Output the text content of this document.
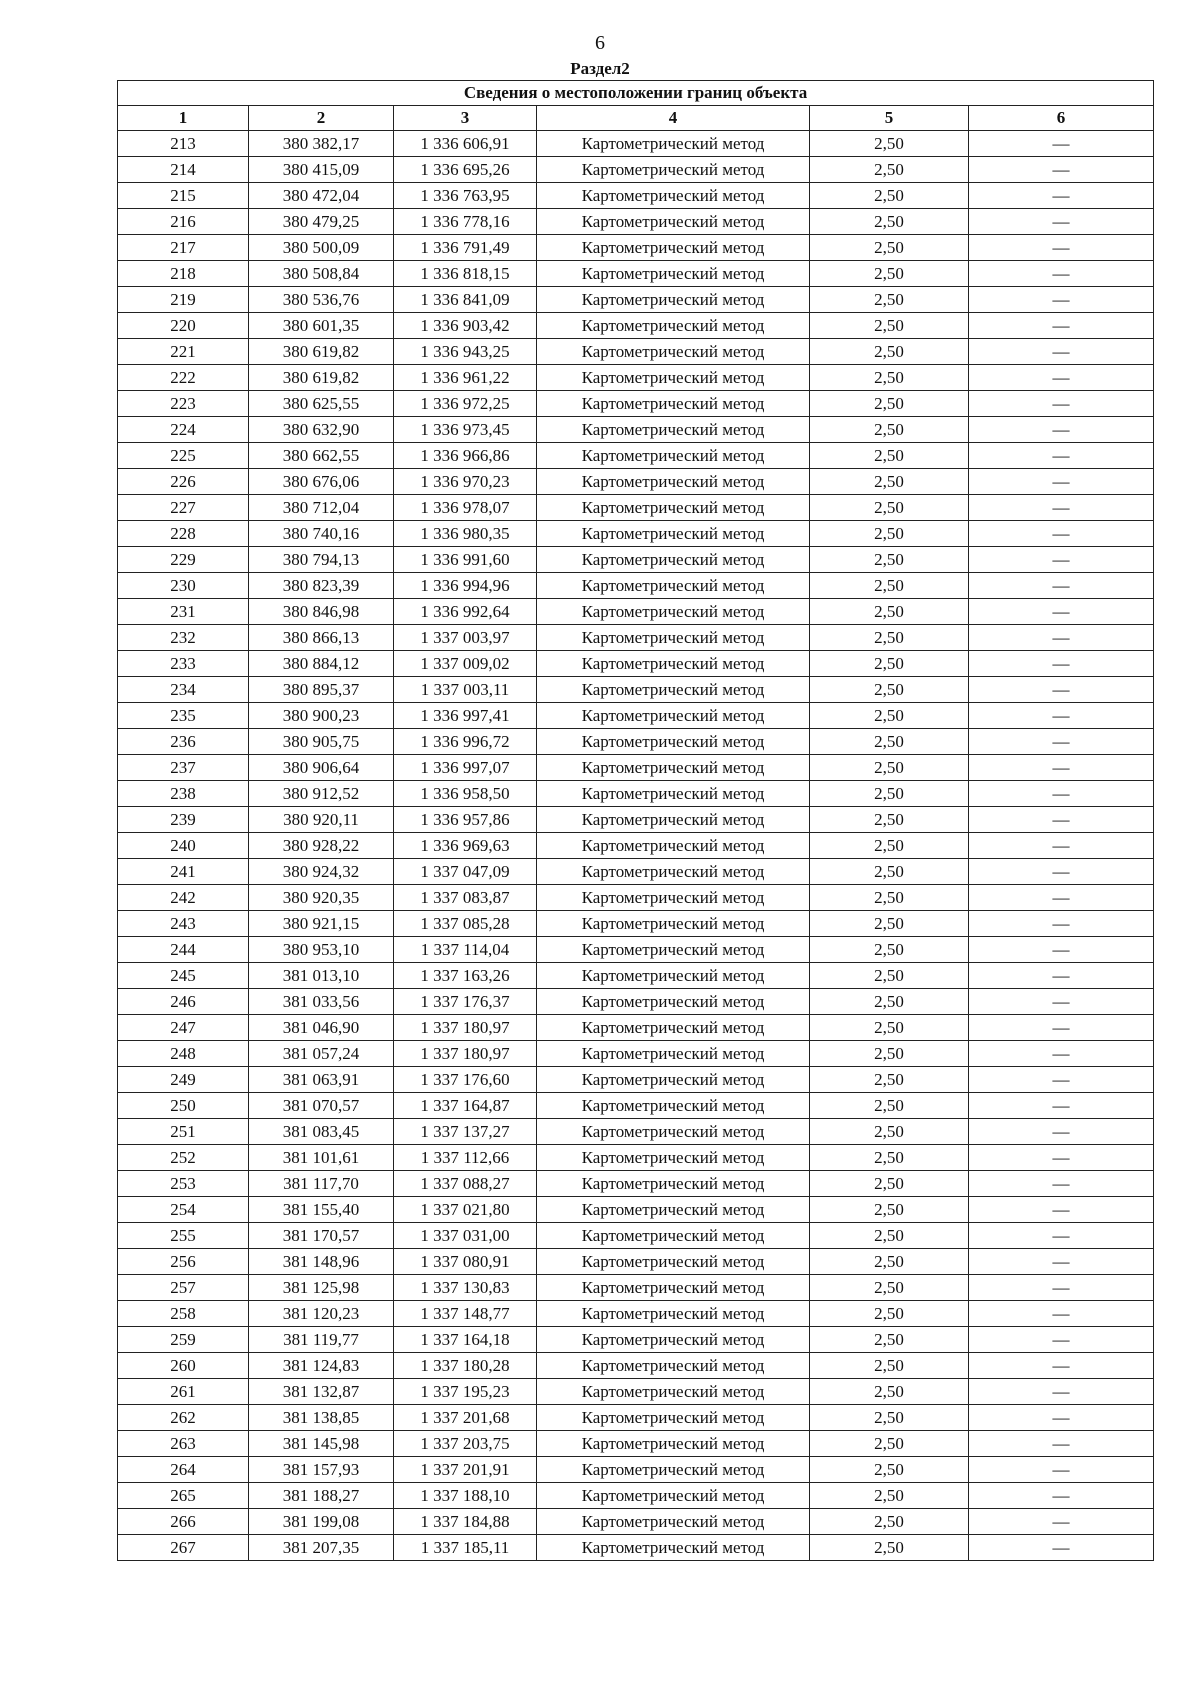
6
Раздел2
Сведения о местоположении границ объекта					
1	2	3	4	5	6
213	380 382,17	1 336 606,91	Картометрический метод	2,50	—
214	380 415,09	1 336 695,26	Картометрический метод	2,50	—
215	380 472,04	1 336 763,95	Картометрический метод	2,50	—
216	380 479,25	1 336 778,16	Картометрический метод	2,50	—
217	380 500,09	1 336 791,49	Картометрический метод	2,50	—
218	380 508,84	1 336 818,15	Картометрический метод	2,50	—
219	380 536,76	1 336 841,09	Картометрический метод	2,50	—
220	380 601,35	1 336 903,42	Картометрический метод	2,50	—
221	380 619,82	1 336 943,25	Картометрический метод	2,50	—
222	380 619,82	1 336 961,22	Картометрический метод	2,50	—
223	380 625,55	1 336 972,25	Картометрический метод	2,50	—
224	380 632,90	1 336 973,45	Картометрический метод	2,50	—
225	380 662,55	1 336 966,86	Картометрический метод	2,50	—
226	380 676,06	1 336 970,23	Картометрический метод	2,50	—
227	380 712,04	1 336 978,07	Картометрический метод	2,50	—
228	380 740,16	1 336 980,35	Картометрический метод	2,50	—
229	380 794,13	1 336 991,60	Картометрический метод	2,50	—
230	380 823,39	1 336 994,96	Картометрический метод	2,50	—
231	380 846,98	1 336 992,64	Картометрический метод	2,50	—
232	380 866,13	1 337 003,97	Картометрический метод	2,50	—
233	380 884,12	1 337 009,02	Картометрический метод	2,50	—
234	380 895,37	1 337 003,11	Картометрический метод	2,50	—
235	380 900,23	1 336 997,41	Картометрический метод	2,50	—
236	380 905,75	1 336 996,72	Картометрический метод	2,50	—
237	380 906,64	1 336 997,07	Картометрический метод	2,50	—
238	380 912,52	1 336 958,50	Картометрический метод	2,50	—
239	380 920,11	1 336 957,86	Картометрический метод	2,50	—
240	380 928,22	1 336 969,63	Картометрический метод	2,50	—
241	380 924,32	1 337 047,09	Картометрический метод	2,50	—
242	380 920,35	1 337 083,87	Картометрический метод	2,50	—
243	380 921,15	1 337 085,28	Картометрический метод	2,50	—
244	380 953,10	1 337 114,04	Картометрический метод	2,50	—
245	381 013,10	1 337 163,26	Картометрический метод	2,50	—
246	381 033,56	1 337 176,37	Картометрический метод	2,50	—
247	381 046,90	1 337 180,97	Картометрический метод	2,50	—
248	381 057,24	1 337 180,97	Картометрический метод	2,50	—
249	381 063,91	1 337 176,60	Картометрический метод	2,50	—
250	381 070,57	1 337 164,87	Картометрический метод	2,50	—
251	381 083,45	1 337 137,27	Картометрический метод	2,50	—
252	381 101,61	1 337 112,66	Картометрический метод	2,50	—
253	381 117,70	1 337 088,27	Картометрический метод	2,50	—
254	381 155,40	1 337 021,80	Картометрический метод	2,50	—
255	381 170,57	1 337 031,00	Картометрический метод	2,50	—
256	381 148,96	1 337 080,91	Картометрический метод	2,50	—
257	381 125,98	1 337 130,83	Картометрический метод	2,50	—
258	381 120,23	1 337 148,77	Картометрический метод	2,50	—
259	381 119,77	1 337 164,18	Картометрический метод	2,50	—
260	381 124,83	1 337 180,28	Картометрический метод	2,50	—
261	381 132,87	1 337 195,23	Картометрический метод	2,50	—
262	381 138,85	1 337 201,68	Картометрический метод	2,50	—
263	381 145,98	1 337 203,75	Картометрический метод	2,50	—
264	381 157,93	1 337 201,91	Картометрический метод	2,50	—
265	381 188,27	1 337 188,10	Картометрический метод	2,50	—
266	381 199,08	1 337 184,88	Картометрический метод	2,50	—
267	381 207,35	1 337 185,11	Картометрический метод	2,50	—
